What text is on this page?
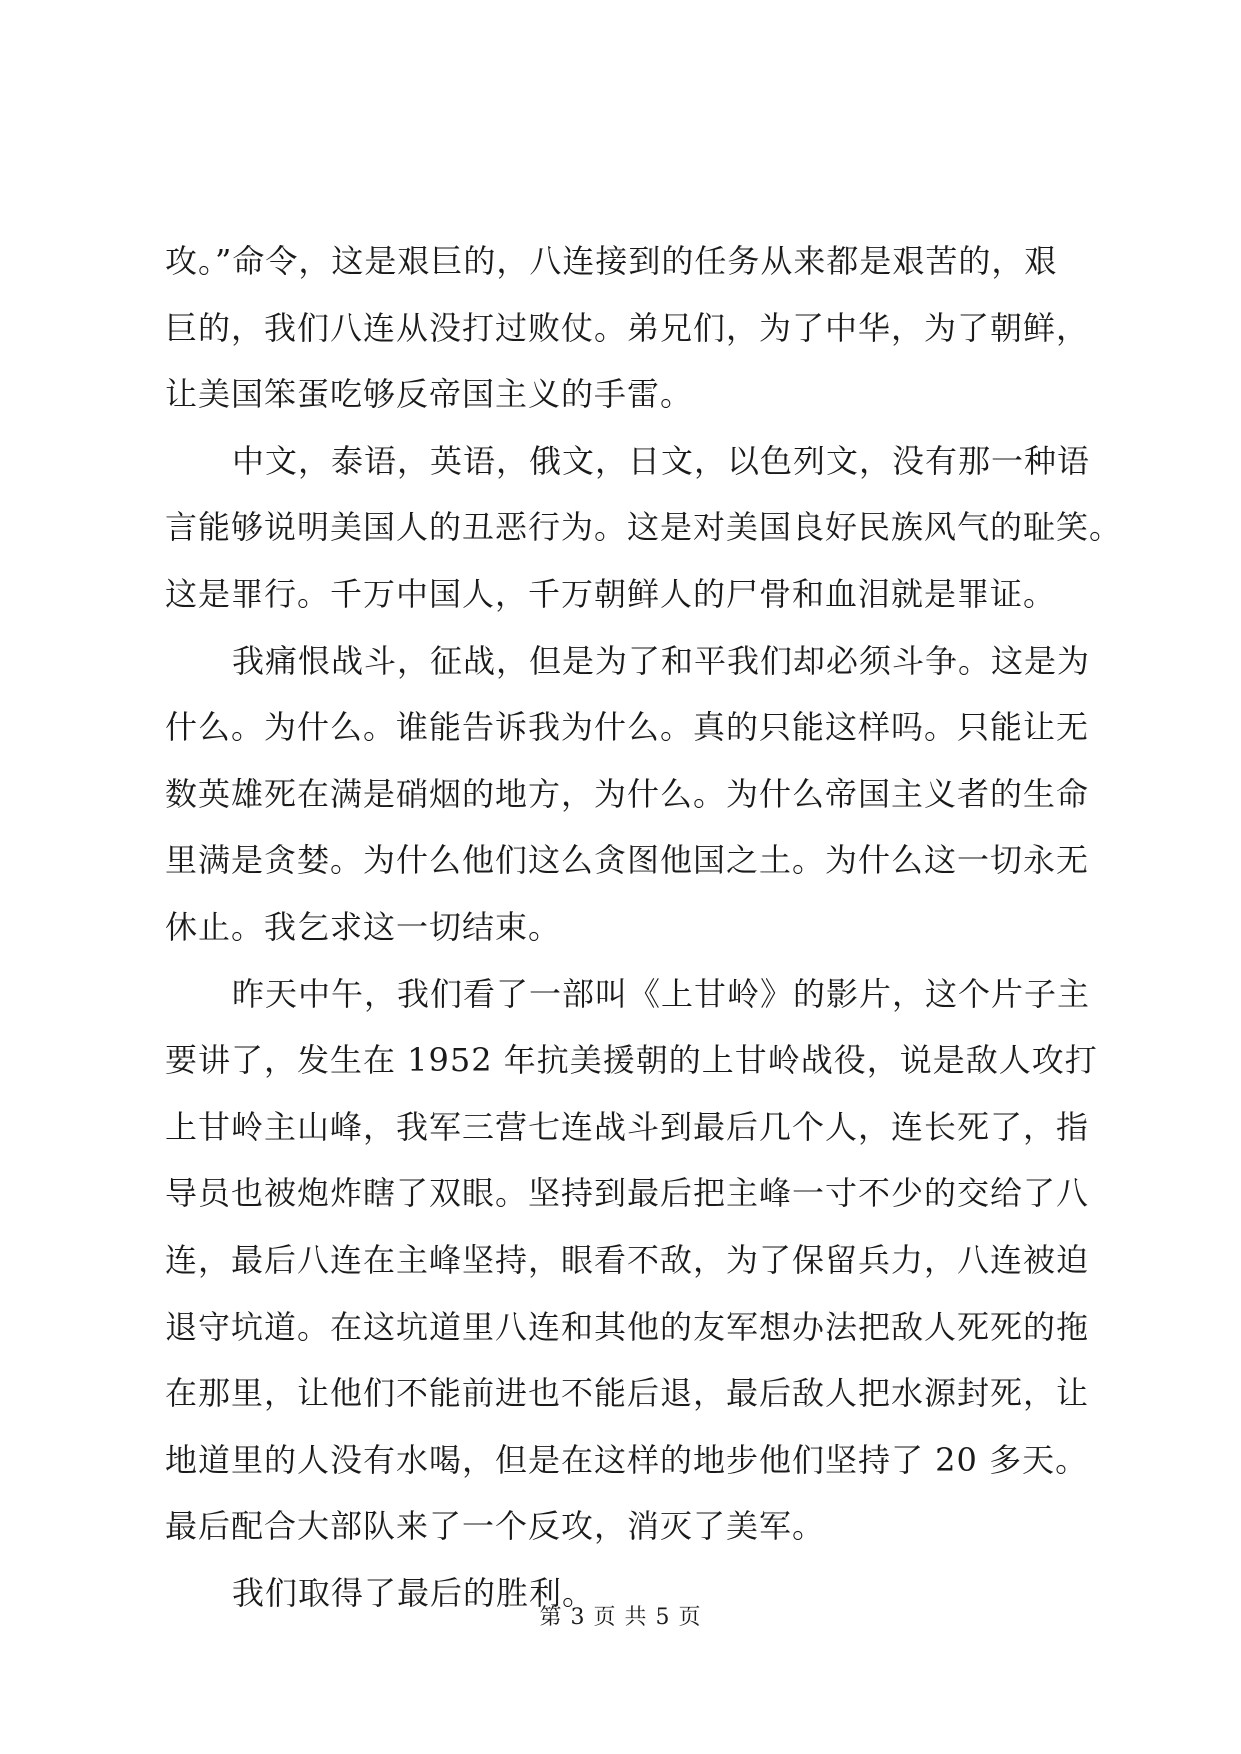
攻。”命令，这是艰巨的，八连接到的任务从来都是艰苦的，艰
巨的，我们八连从没打过败仗。弟兄们，为了中华，为了朝鲜，
让美国笨蛋吃够反帝国主义的手雷。
中文，泰语，英语，俄文，日文，以色列文，没有那一种语
言能够说明美国人的丑恶行为。这是对美国良好民族风气的耻笑。
这是罪行。千万中国人，千万朝鲜人的尸骨和血泪就是罪证。
我痛恨战斗，征战，但是为了和平我们却必须斗争。这是为
什么。为什么。谁能告诉我为什么。真的只能这样吗。只能让无
数英雄死在满是硝烟的地方，为什么。为什么帝国主义者的生命
里满是贪婪。为什么他们这么贪图他国之土。为什么这一切永无
休止。我乞求这一切结束。
昨天中午，我们看了一部叫《上甘岭》的影片，这个片子主
要讲了，发生在 1952 年抗美援朝的上甘岭战役，说是敌人攻打
上甘岭主山峰，我军三营七连战斗到最后几个人，连长死了，指
导员也被炮炸瞎了双眼。坚持到最后把主峰一寸不少的交给了八
连，最后八连在主峰坚持，眼看不敌，为了保留兵力，八连被迫
退守坑道。在这坑道里八连和其他的友军想办法把敌人死死的拖
在那里，让他们不能前进也不能后退，最后敌人把水源封死，让
地道里的人没有水喝，但是在这样的地步他们坚持了 20 多天。
最后配合大部队来了一个反攻，消灭了美军。
我们取得了最后的胜利。
第 3 页 共 5 页
